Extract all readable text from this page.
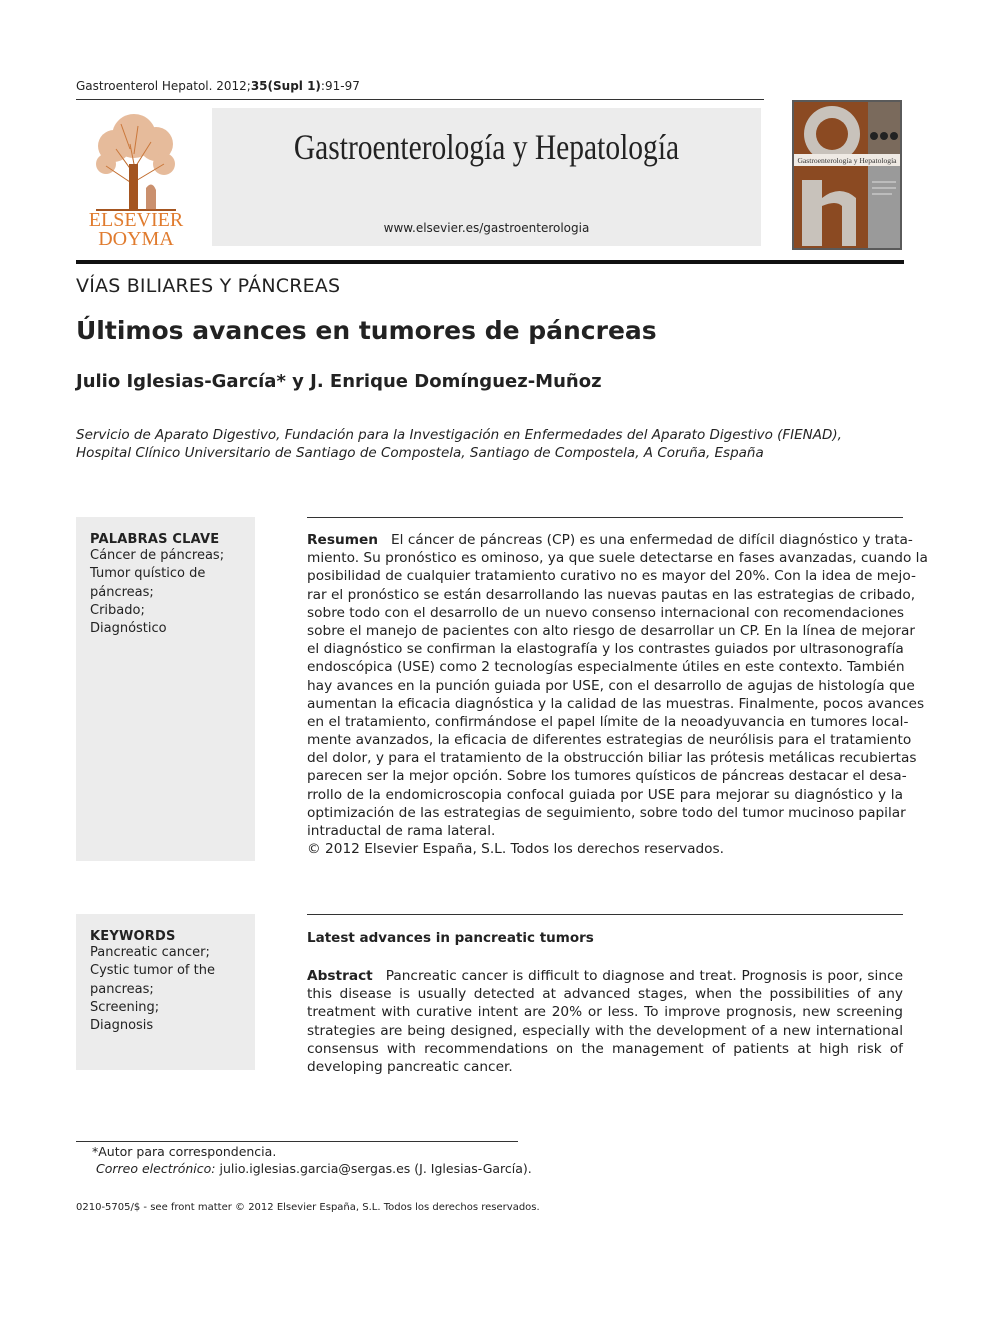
Gastroenterol Hepatol. 2012;35(Supl 1):91-97
ELSEVIER
DOYMA
Gastroenterología y Hepatología
www.elsevier.es/gastroenterologia
Gastroenterología y Hepatología
VÍAS BILIARES Y PÁNCREAS
Últimos avances en tumores de páncreas
Julio Iglesias-García* y J. Enrique Domínguez-Muñoz
Servicio de Aparato Digestivo, Fundación para la Investigación en Enfermedades del Aparato Digestivo (FIENAD),
Hospital Clínico Universitario de Santiago de Compostela, Santiago de Compostela, A Coruña, España
PALABRAS CLAVE
Cáncer de páncreas;
Tumor quístico de
páncreas;
Cribado;
Diagnóstico
Resumen El cáncer de páncreas (CP) es una enfermedad de difícil diagnóstico y trata-
miento. Su pronóstico es ominoso, ya que suele detectarse en fases avanzadas, cuando la
posibilidad de cualquier tratamiento curativo no es mayor del 20%. Con la idea de mejo-
rar el pronóstico se están desarrollando las nuevas pautas en las estrategias de cribado,
sobre todo con el desarrollo de un nuevo consenso internacional con recomendaciones
sobre el manejo de pacientes con alto riesgo de desarrollar un CP. En la línea de mejorar
el diagnóstico se confirman la elastografía y los contrastes guiados por ultrasonografía
endoscópica (USE) como 2 tecnologías especialmente útiles en este contexto. También
hay avances en la punción guiada por USE, con el desarrollo de agujas de histología que
aumentan la eficacia diagnóstica y la calidad de las muestras. Finalmente, pocos avances
en el tratamiento, confirmándose el papel límite de la neoadyuvancia en tumores local-
mente avanzados, la eficacia de diferentes estrategias de neurólisis para el tratamiento
del dolor, y para el tratamiento de la obstrucción biliar las prótesis metálicas recubiertas
parecen ser la mejor opción. Sobre los tumores quísticos de páncreas destacar el desa-
rrollo de la endomicroscopia confocal guiada por USE para mejorar su diagnóstico y la
optimización de las estrategias de seguimiento, sobre todo del tumor mucinoso papilar
intraductal de rama lateral.
© 2012 Elsevier España, S.L. Todos los derechos reservados.
KEYWORDS
Pancreatic cancer;
Cystic tumor of the
pancreas;
Screening;
Diagnosis
Latest advances in pancreatic tumors
Abstract Pancreatic cancer is difficult to diagnose and treat. Prognosis is poor, since
this disease is usually detected at advanced stages, when the possibilities of any
treatment with curative intent are 20% or less. To improve prognosis, new screening
strategies are being designed, especially with the development of a new international
consensus with recommendations on the management of patients at high risk of
developing pancreatic cancer.
*Autor para correspondencia.
Correo electrónico: julio.iglesias.garcia@sergas.es (J. Iglesias-García).
0210-5705/$ - see front matter © 2012 Elsevier España, S.L. Todos los derechos reservados.
